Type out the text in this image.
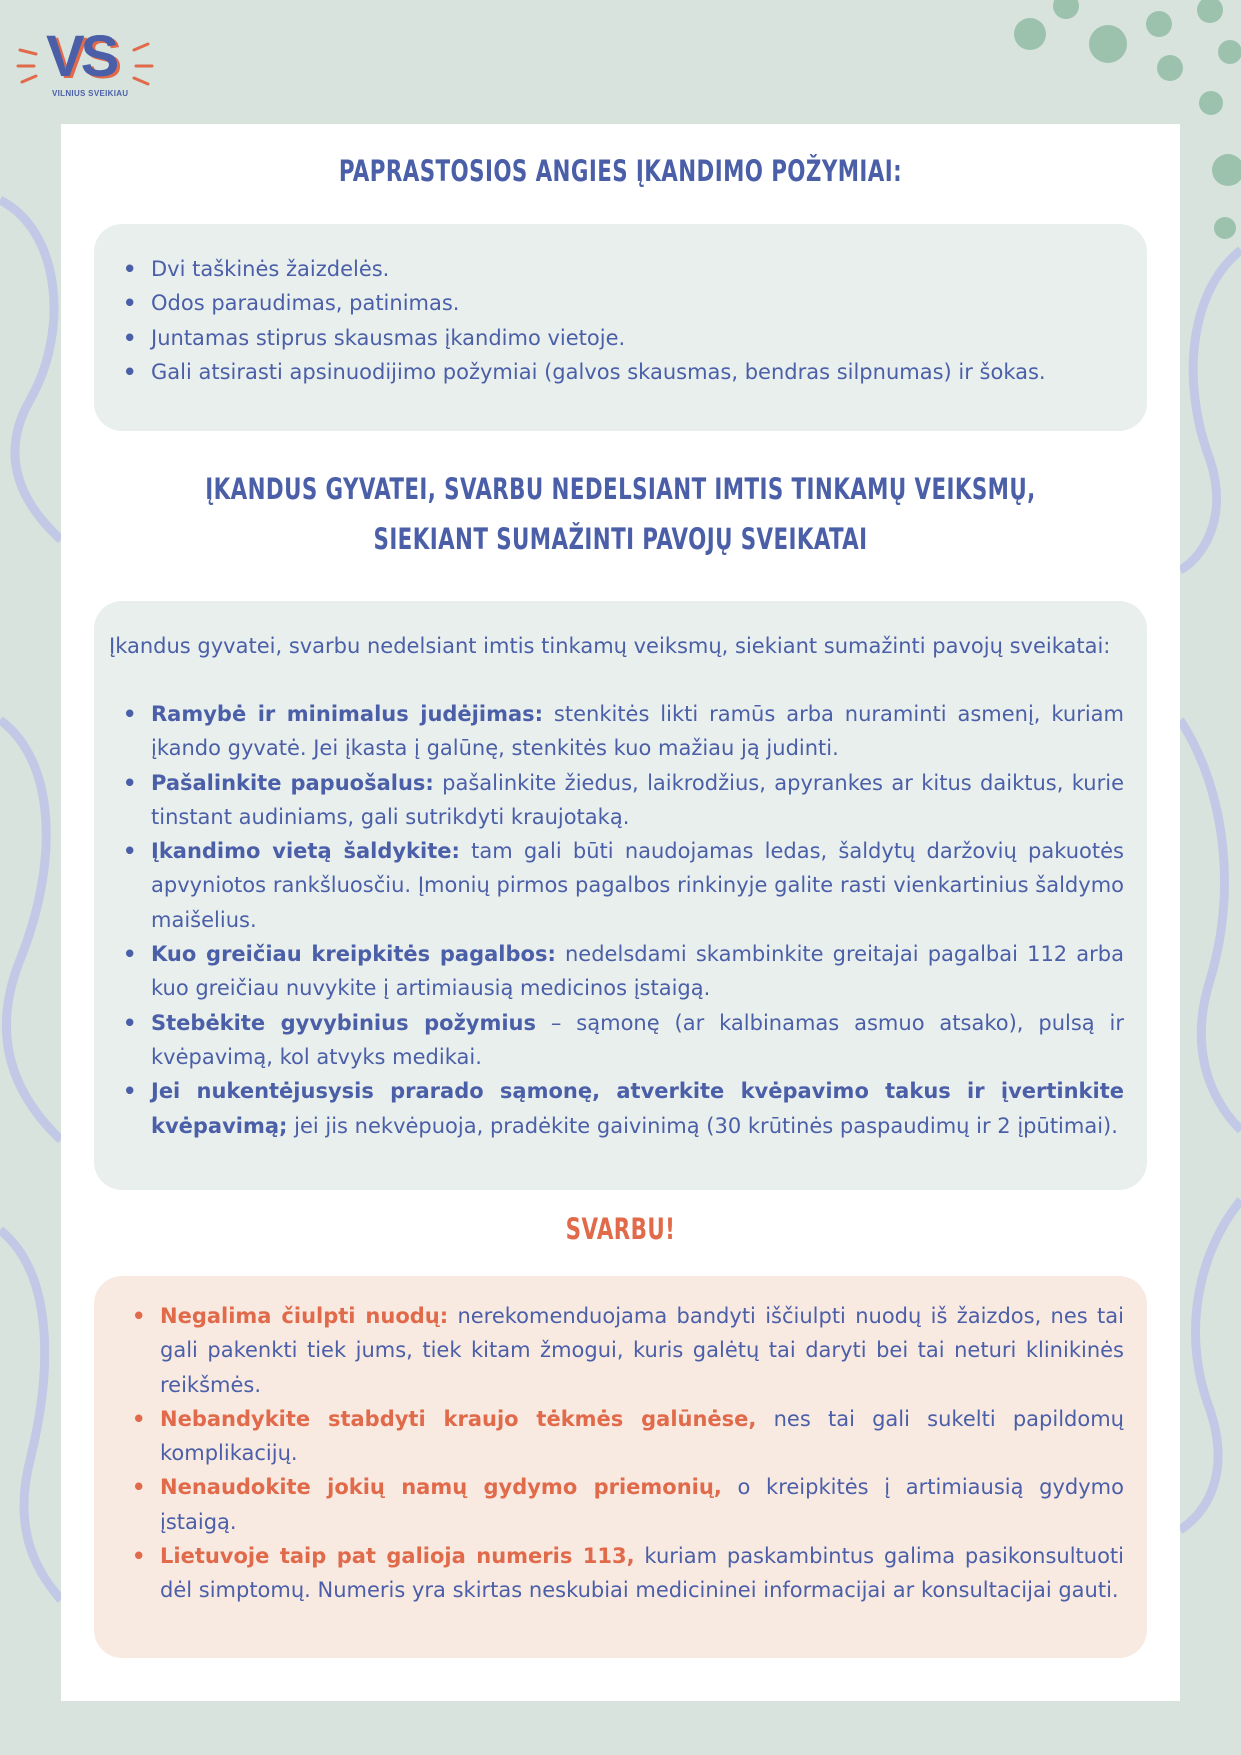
VS
VILNIUS SVEIKIAU
PAPRASTOSIOS ANGIES ĮKANDIMO POŽYMIAI:
• Dvi taškinės žaizdelės.
• Odos paraudimas, patinimas.
• Juntamas stiprus skausmas įkandimo vietoje.
• Gali atsirasti apsinuodijimo požymiai (galvos skausmas, bendras silpnumas) ir šokas.
ĮKANDUS GYVATEI, SVARBU NEDELSIANT IMTIS TINKAMŲ VEIKSMŲ,
SIEKIANT SUMAŽINTI PAVOJŲ SVEIKATAI
Įkandus gyvatei, svarbu nedelsiant imtis tinkamų veiksmų, siekiant sumažinti pavojų sveikatai:
• Ramybė ir minimalus judėjimas: stenkitės likti ramūs arba nuraminti asmenį, kuriam įkando gyvatė. Jei įkasta į galūnę, stenkitės kuo mažiau ją judinti.
• Pašalinkite papuošalus: pašalinkite žiedus, laikrodžius, apyrankes ar kitus daiktus, kurie tinstant audiniams, gali sutrikdyti kraujotaką.
• Įkandimo vietą šaldykite: tam gali būti naudojamas ledas, šaldytų daržovių pakuotės apvyniotos rankšluosčiu. Įmonių pirmos pagalbos rinkinyje galite rasti vienkartinius šaldymo maišelius.
• Kuo greičiau kreipkitės pagalbos: nedelsdami skambinkite greitajai pagalbai 112 arba kuo greičiau nuvykite į artimiausią medicinos įstaigą.
• Stebėkite gyvybinius požymius – sąmonę (ar kalbinamas asmuo atsako), pulsą ir kvėpavimą, kol atvyks medikai.
• Jei nukentėjusysis prarado sąmonę, atverkite kvėpavimo takus ir įvertinkite kvėpavimą; jei jis nekvėpuoja, pradėkite gaivinimą (30 krūtinės paspaudimų ir 2 įpūtimai).
SVARBU!
• Negalima čiulpti nuodų: nerekomenduojama bandyti iščiulpti nuodų iš žaizdos, nes tai gali pakenkti tiek jums, tiek kitam žmogui, kuris galėtų tai daryti bei tai neturi klinikinės reikšmės.
• Nebandykite stabdyti kraujo tėkmės galūnėse, nes tai gali sukelti papildomų komplikacijų.
• Nenaudokite jokių namų gydymo priemonių, o kreipkitės į artimiausią gydymo įstaigą.
• Lietuvoje taip pat galioja numeris 113, kuriam paskambintus galima pasikonsultuoti dėl simptomų. Numeris yra skirtas neskubiai medicininei informacijai ar konsultacijai gauti.
